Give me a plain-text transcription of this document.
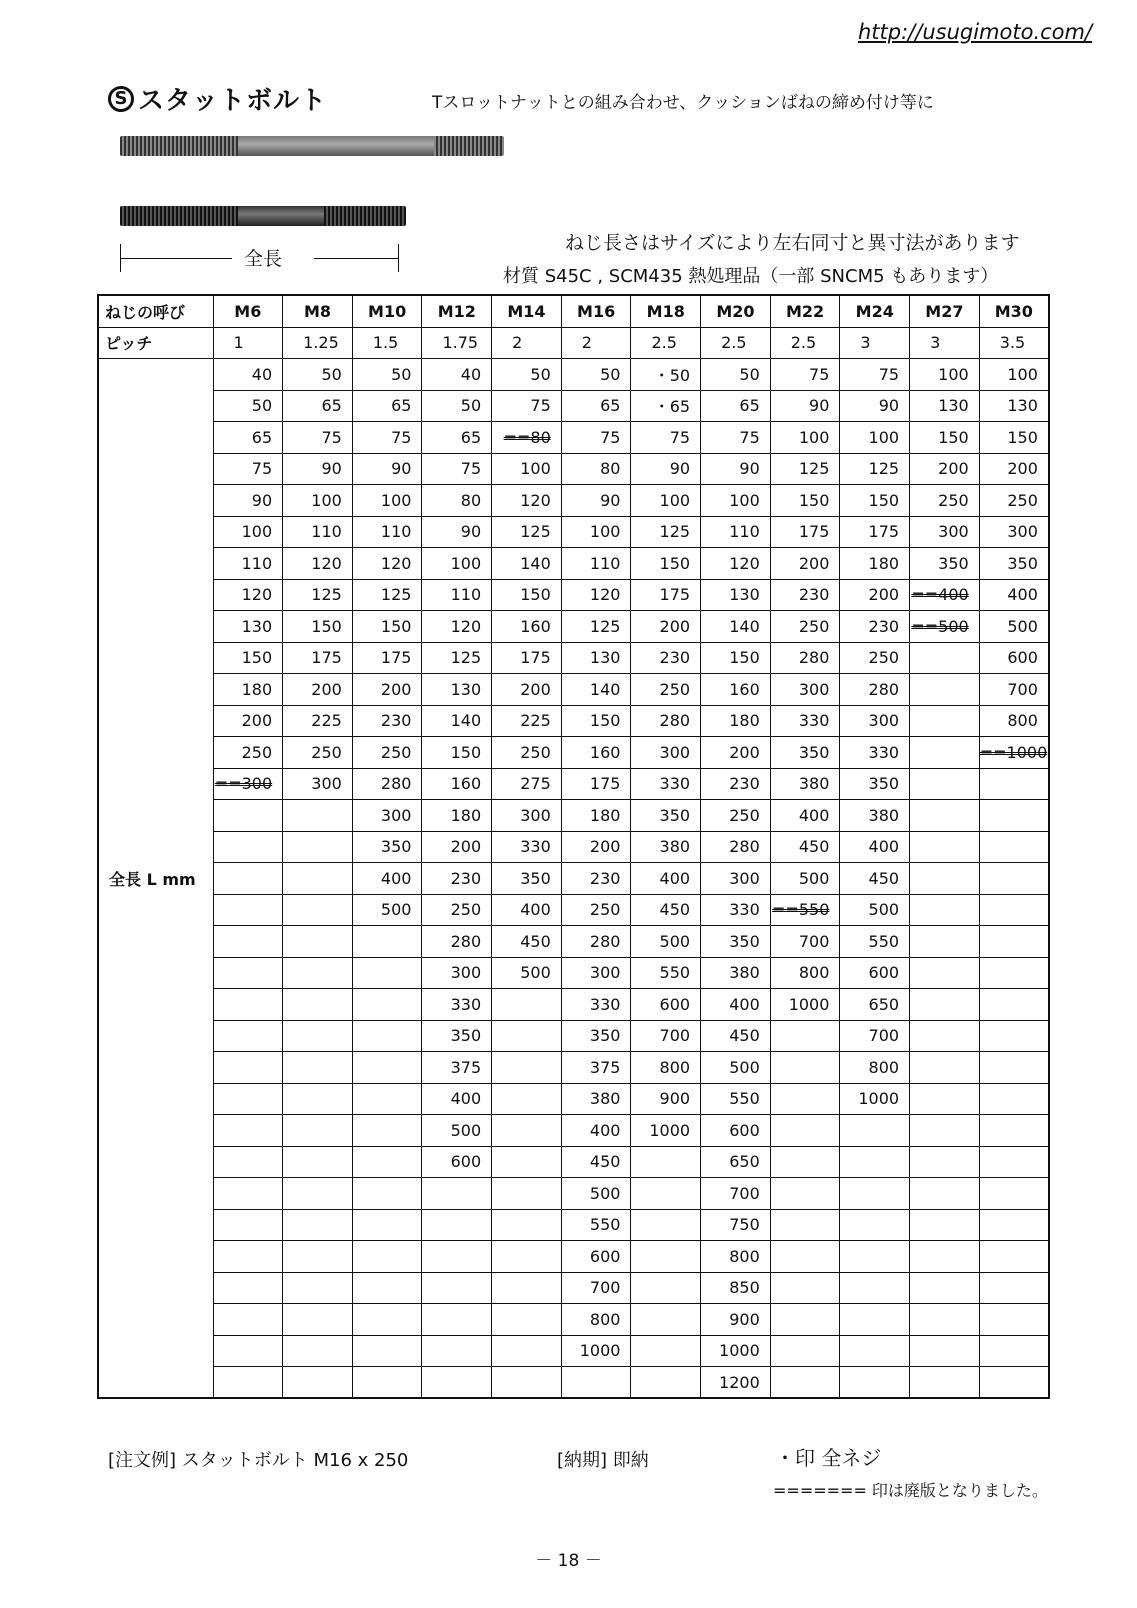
http://usugimoto.com/
S スタットボルト	Tスロットナットとの組み合わせ、クッションばねの締め付け等に
全長
ねじ長さはサイズにより左右同寸と異寸法があります
材質 S45C , SCM435 熱処理品（一部 SNCM5 もあります）
ねじの呼び	M6	M8	M10	M12	M14	M16	M18	M20	M22	M24	M27	M30
ピッチ	1	1.25	1.5	1.75	2	2	2.5	2.5	2.5	3	3	3.5
全長 L mm	40	50	50	40	50	50	・50	50	75	75	100	100
	50	65	65	50	75	65	・65	65	90	90	130	130
	65	75	75	65	==80	75	75	75	100	100	150	150
	75	90	90	75	100	80	90	90	125	125	200	200
	90	100	100	80	120	90	100	100	150	150	250	250
	100	110	110	90	125	100	125	110	175	175	300	300
	110	120	120	100	140	110	150	120	200	180	350	350
	120	125	125	110	150	120	175	130	230	200	==400	400
	130	150	150	120	160	125	200	140	250	230	==500	500
	150	175	175	125	175	130	230	150	280	250		600
	180	200	200	130	200	140	250	160	300	280		700
	200	225	230	140	225	150	280	180	330	300		800
	250	250	250	150	250	160	300	200	350	330		==1000
	==300	300	280	160	275	175	330	230	380	350		
			300	180	300	180	350	250	400	380		
			350	200	330	200	380	280	450	400		
			400	230	350	230	400	300	500	450		
			500	250	400	250	450	330	==550	500		
				280	450	280	500	350	700	550		
				300	500	300	550	380	800	600		
				330		330	600	400	1000	650		
				350		350	700	450		700		
				375		375	800	500		800		
				400		380	900	550		1000		
				500		400	1000	600				
				600		450		650				
						500		700				
						550		750				
						600		800				
						700		850				
						800		900				
						1000		1000				
								1200				
[注文例] スタットボルト M16 x 250	[納期] 即納	・印 全ネジ
======= 印は廃版となりました。
－ 18 －
